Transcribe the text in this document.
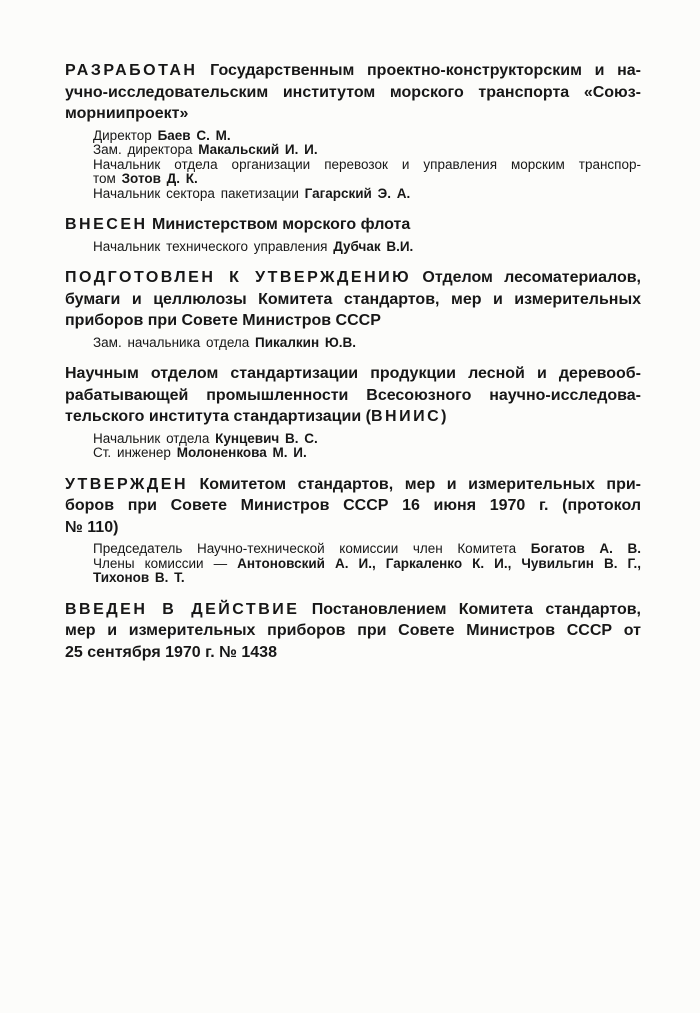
РАЗРАБОТАН Государственным проектно-конструкторским и на-
учно-исследовательским институтом морского транспорта «Союз-
морниипроект»
Директор Баев С. М.
Зам. директора Макальский И. И.
Начальник отдела организации перевозок и управления морским транспор-
том Зотов Д. К.
Начальник сектора пакетизации Гагарский Э. А.
ВНЕСЕН Министерством морского флота
Начальник технического управления Дубчак В.И.
ПОДГОТОВЛЕН К УТВЕРЖДЕНИЮ Отделом лесоматериалов,
бумаги и целлюлозы Комитета стандартов, мер и измерительных
приборов при Совете Министров СССР
Зам. начальника отдела Пикалкин Ю.В.
Научным отделом стандартизации продукции лесной и деревооб-
рабатывающей промышленности Всесоюзного научно-исследова-
тельского института стандартизации (ВНИИС)
Начальник отдела Кунцевич В. С.
Ст. инженер Молоненкова М. И.
УТВЕРЖДЕН Комитетом стандартов, мер и измерительных при-
боров при Совете Министров СССР 16 июня 1970 г. (протокол
№ 110)
Председатель Научно-технической комиссии член Комитета Богатов А. В.
Члены комиссии — Антоновский А. И., Гаркаленко К. И., Чувильгин В. Г.,
Тихонов В. Т.
ВВЕДЕН В ДЕЙСТВИЕ Постановлением Комитета стандартов,
мер и измерительных приборов при Совете Министров СССР от
25 сентября 1970 г. № 1438
